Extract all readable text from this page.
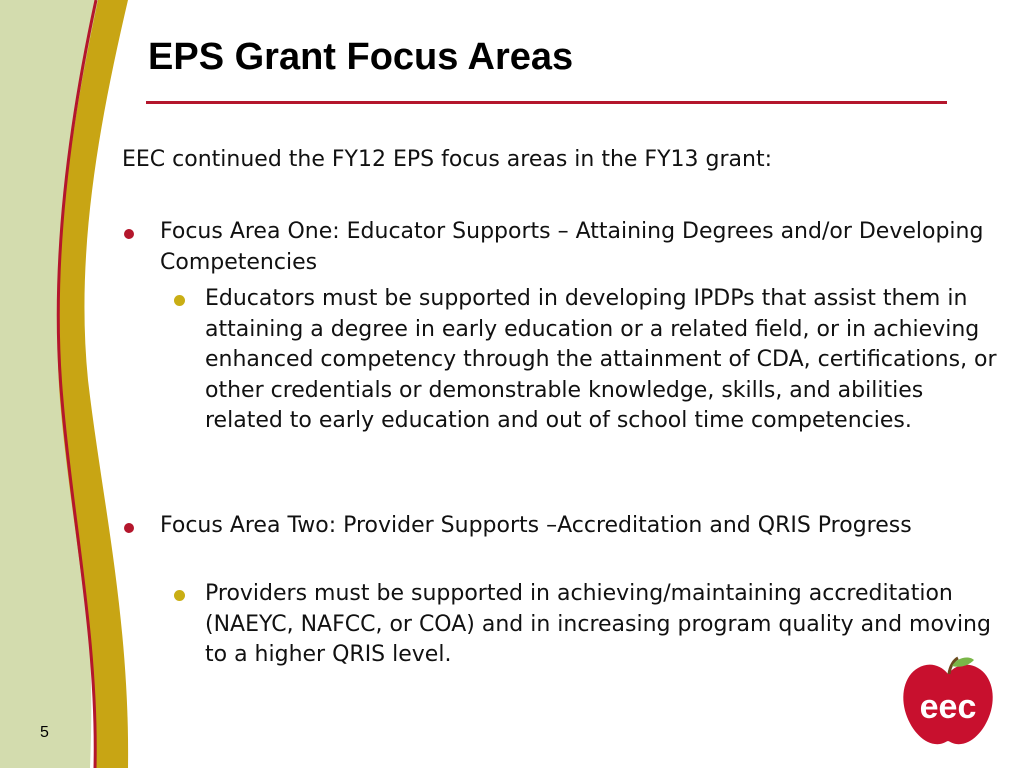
EPS Grant Focus Areas

EEC continued the FY12 EPS focus areas in the FY13 grant:

Focus Area One: Educator Supports – Attaining Degrees and/or Developing Competencies
Educators must be supported in developing IPDPs that assist them in attaining a degree in early education or a related field, or in achieving enhanced competency through the attainment of CDA, certifications, or other credentials or demonstrable knowledge, skills, and abilities related to early education and out of school time competencies.
Focus Area Two: Provider Supports –Accreditation and QRIS Progress
Providers must be supported in achieving/maintaining accreditation (NAEYC, NAFCC, or COA) and in increasing program quality and moving to a higher QRIS level.
5
eec
